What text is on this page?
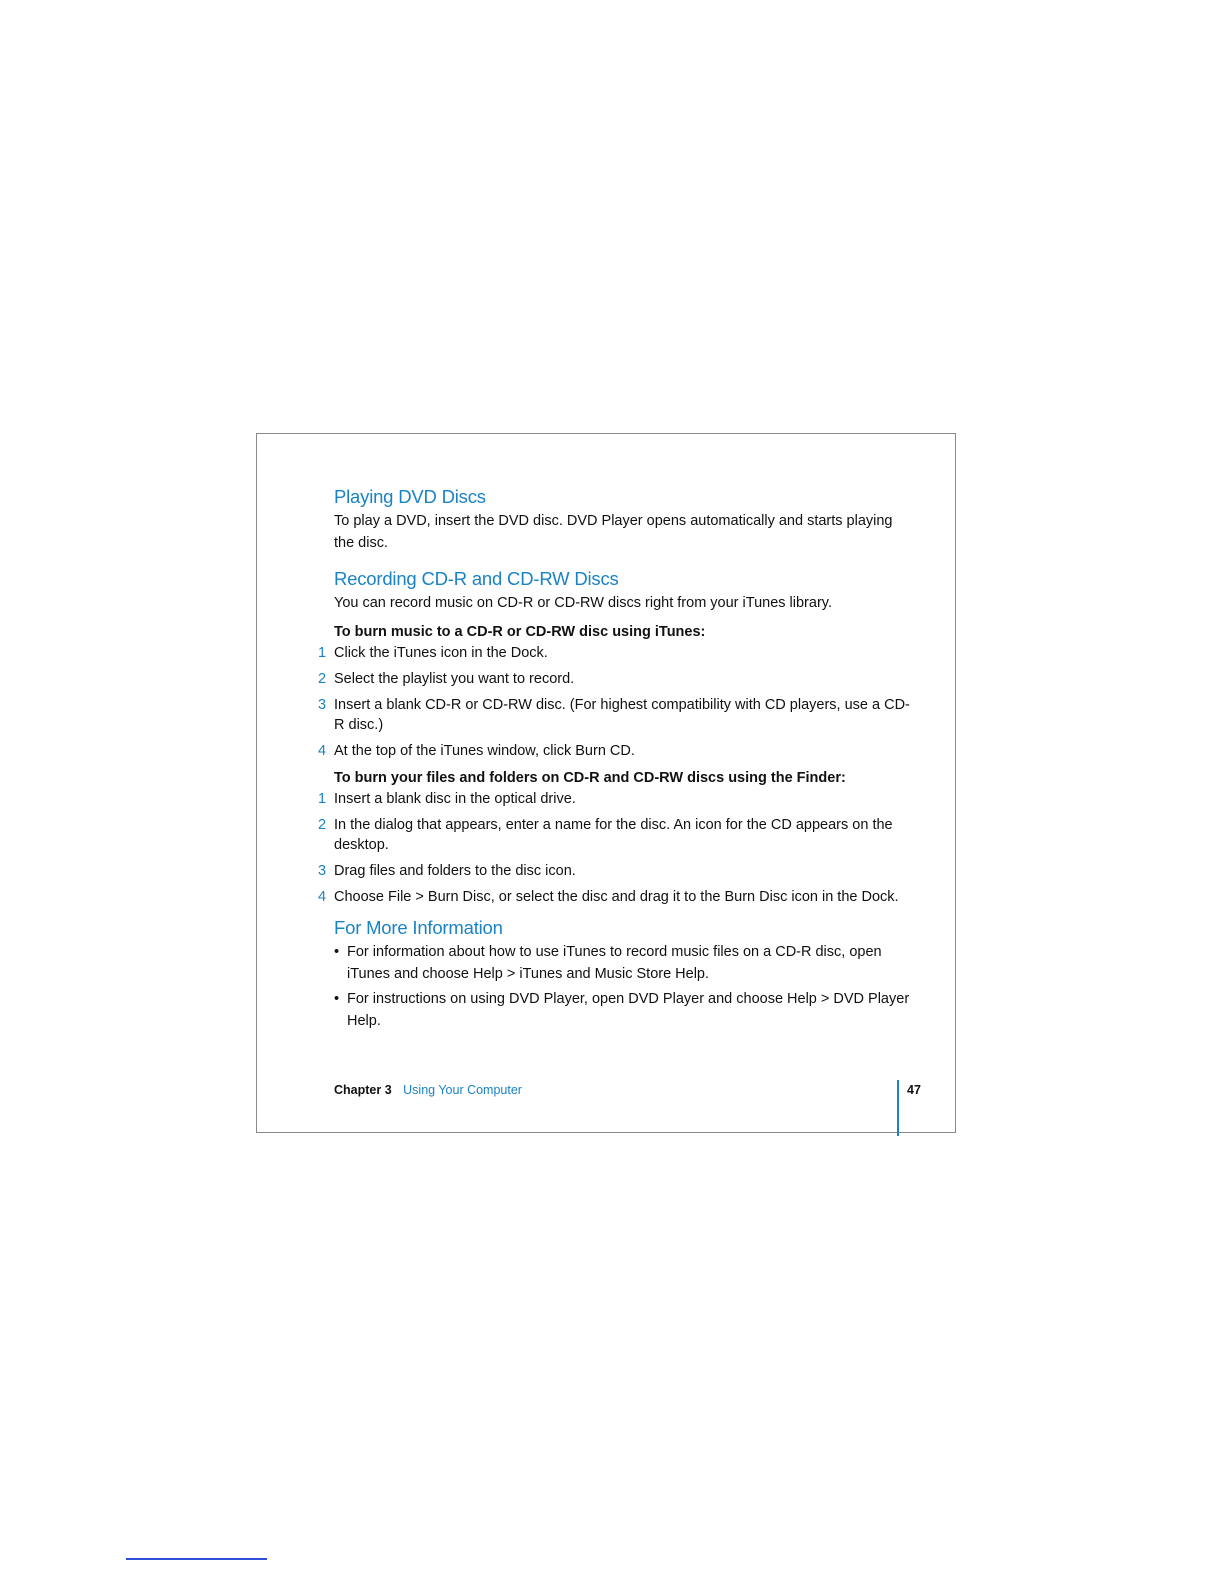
Playing DVD Discs

To play a DVD, insert the DVD disc. DVD Player opens automatically and starts playing the disc.

Recording CD-R and CD-RW Discs

You can record music on CD-R or CD-RW discs right from your iTunes library.

To burn music to a CD-R or CD-RW disc using iTunes:

1 Click the iTunes icon in the Dock.
2 Select the playlist you want to record.
3 Insert a blank CD-R or CD-RW disc. (For highest compatibility with CD players, use a CD-R disc.)
4 At the top of the iTunes window, click Burn CD.

To burn your files and folders on CD-R and CD-RW discs using the Finder:

1 Insert a blank disc in the optical drive.
2 In the dialog that appears, enter a name for the disc. An icon for the CD appears on the desktop.
3 Drag files and folders to the disc icon.
4 Choose File > Burn Disc, or select the disc and drag it to the Burn Disc icon in the Dock.
For More Information
• For information about how to use iTunes to record music files on a CD-R disc, open iTunes and choose Help > iTunes and Music Store Help.
• For instructions on using DVD Player, open DVD Player and choose Help > DVD Player Help.
Chapter 3 Using Your Computer	47
